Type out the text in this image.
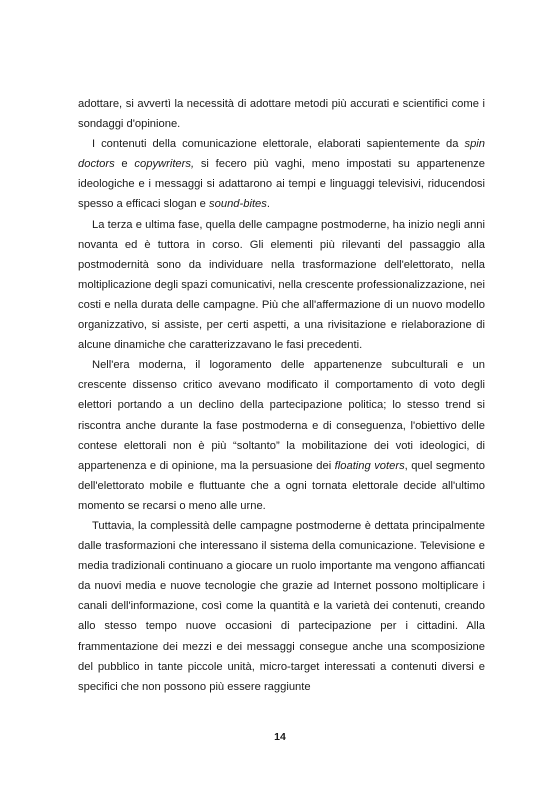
adottare, si avvertì la necessità di adottare metodi più accurati e scientifici come i sondaggi d'opinione.

I contenuti della comunicazione elettorale, elaborati sapientemente da spin doctors e copywriters, si fecero più vaghi, meno impostati su appartenenze ideologiche e i messaggi si adattarono ai tempi e linguaggi televisivi, riducendosi spesso a efficaci slogan e sound-bites.

La terza e ultima fase, quella delle campagne postmoderne, ha inizio negli anni novanta ed è tuttora in corso. Gli elementi più rilevanti del passaggio alla postmodernità sono da individuare nella trasformazione dell'elettorato, nella moltiplicazione degli spazi comunicativi, nella crescente professionalizzazione, nei costi e nella durata delle campagne. Più che all'affermazione di un nuovo modello organizzativo, si assiste, per certi aspetti, a una rivisitazione e rielaborazione di alcune dinamiche che caratterizzavano le fasi precedenti.

Nell'era moderna, il logoramento delle appartenenze subculturali e un crescente dissenso critico avevano modificato il comportamento di voto degli elettori portando a un declino della partecipazione politica; lo stesso trend si riscontra anche durante la fase postmoderna e di conseguenza, l'obiettivo delle contese elettorali non è più “soltanto” la mobilitazione dei voti ideologici, di appartenenza e di opinione, ma la persuasione dei floating voters, quel segmento dell'elettorato mobile e fluttuante che a ogni tornata elettorale decide all'ultimo momento se recarsi o meno alle urne.

Tuttavia, la complessità delle campagne postmoderne è dettata principalmente dalle trasformazioni che interessano il sistema della comunicazione. Televisione e media tradizionali continuano a giocare un ruolo importante ma vengono affiancati da nuovi media e nuove tecnologie che grazie ad Internet possono moltiplicare i canali dell'informazione, così come la quantità e la varietà dei contenuti, creando allo stesso tempo nuove occasioni di partecipazione per i cittadini. Alla frammentazione dei mezzi e dei messaggi consegue anche una scomposizione del pubblico in tante piccole unità, micro-target interessati a contenuti diversi e specifici che non possono più essere raggiunte

14
